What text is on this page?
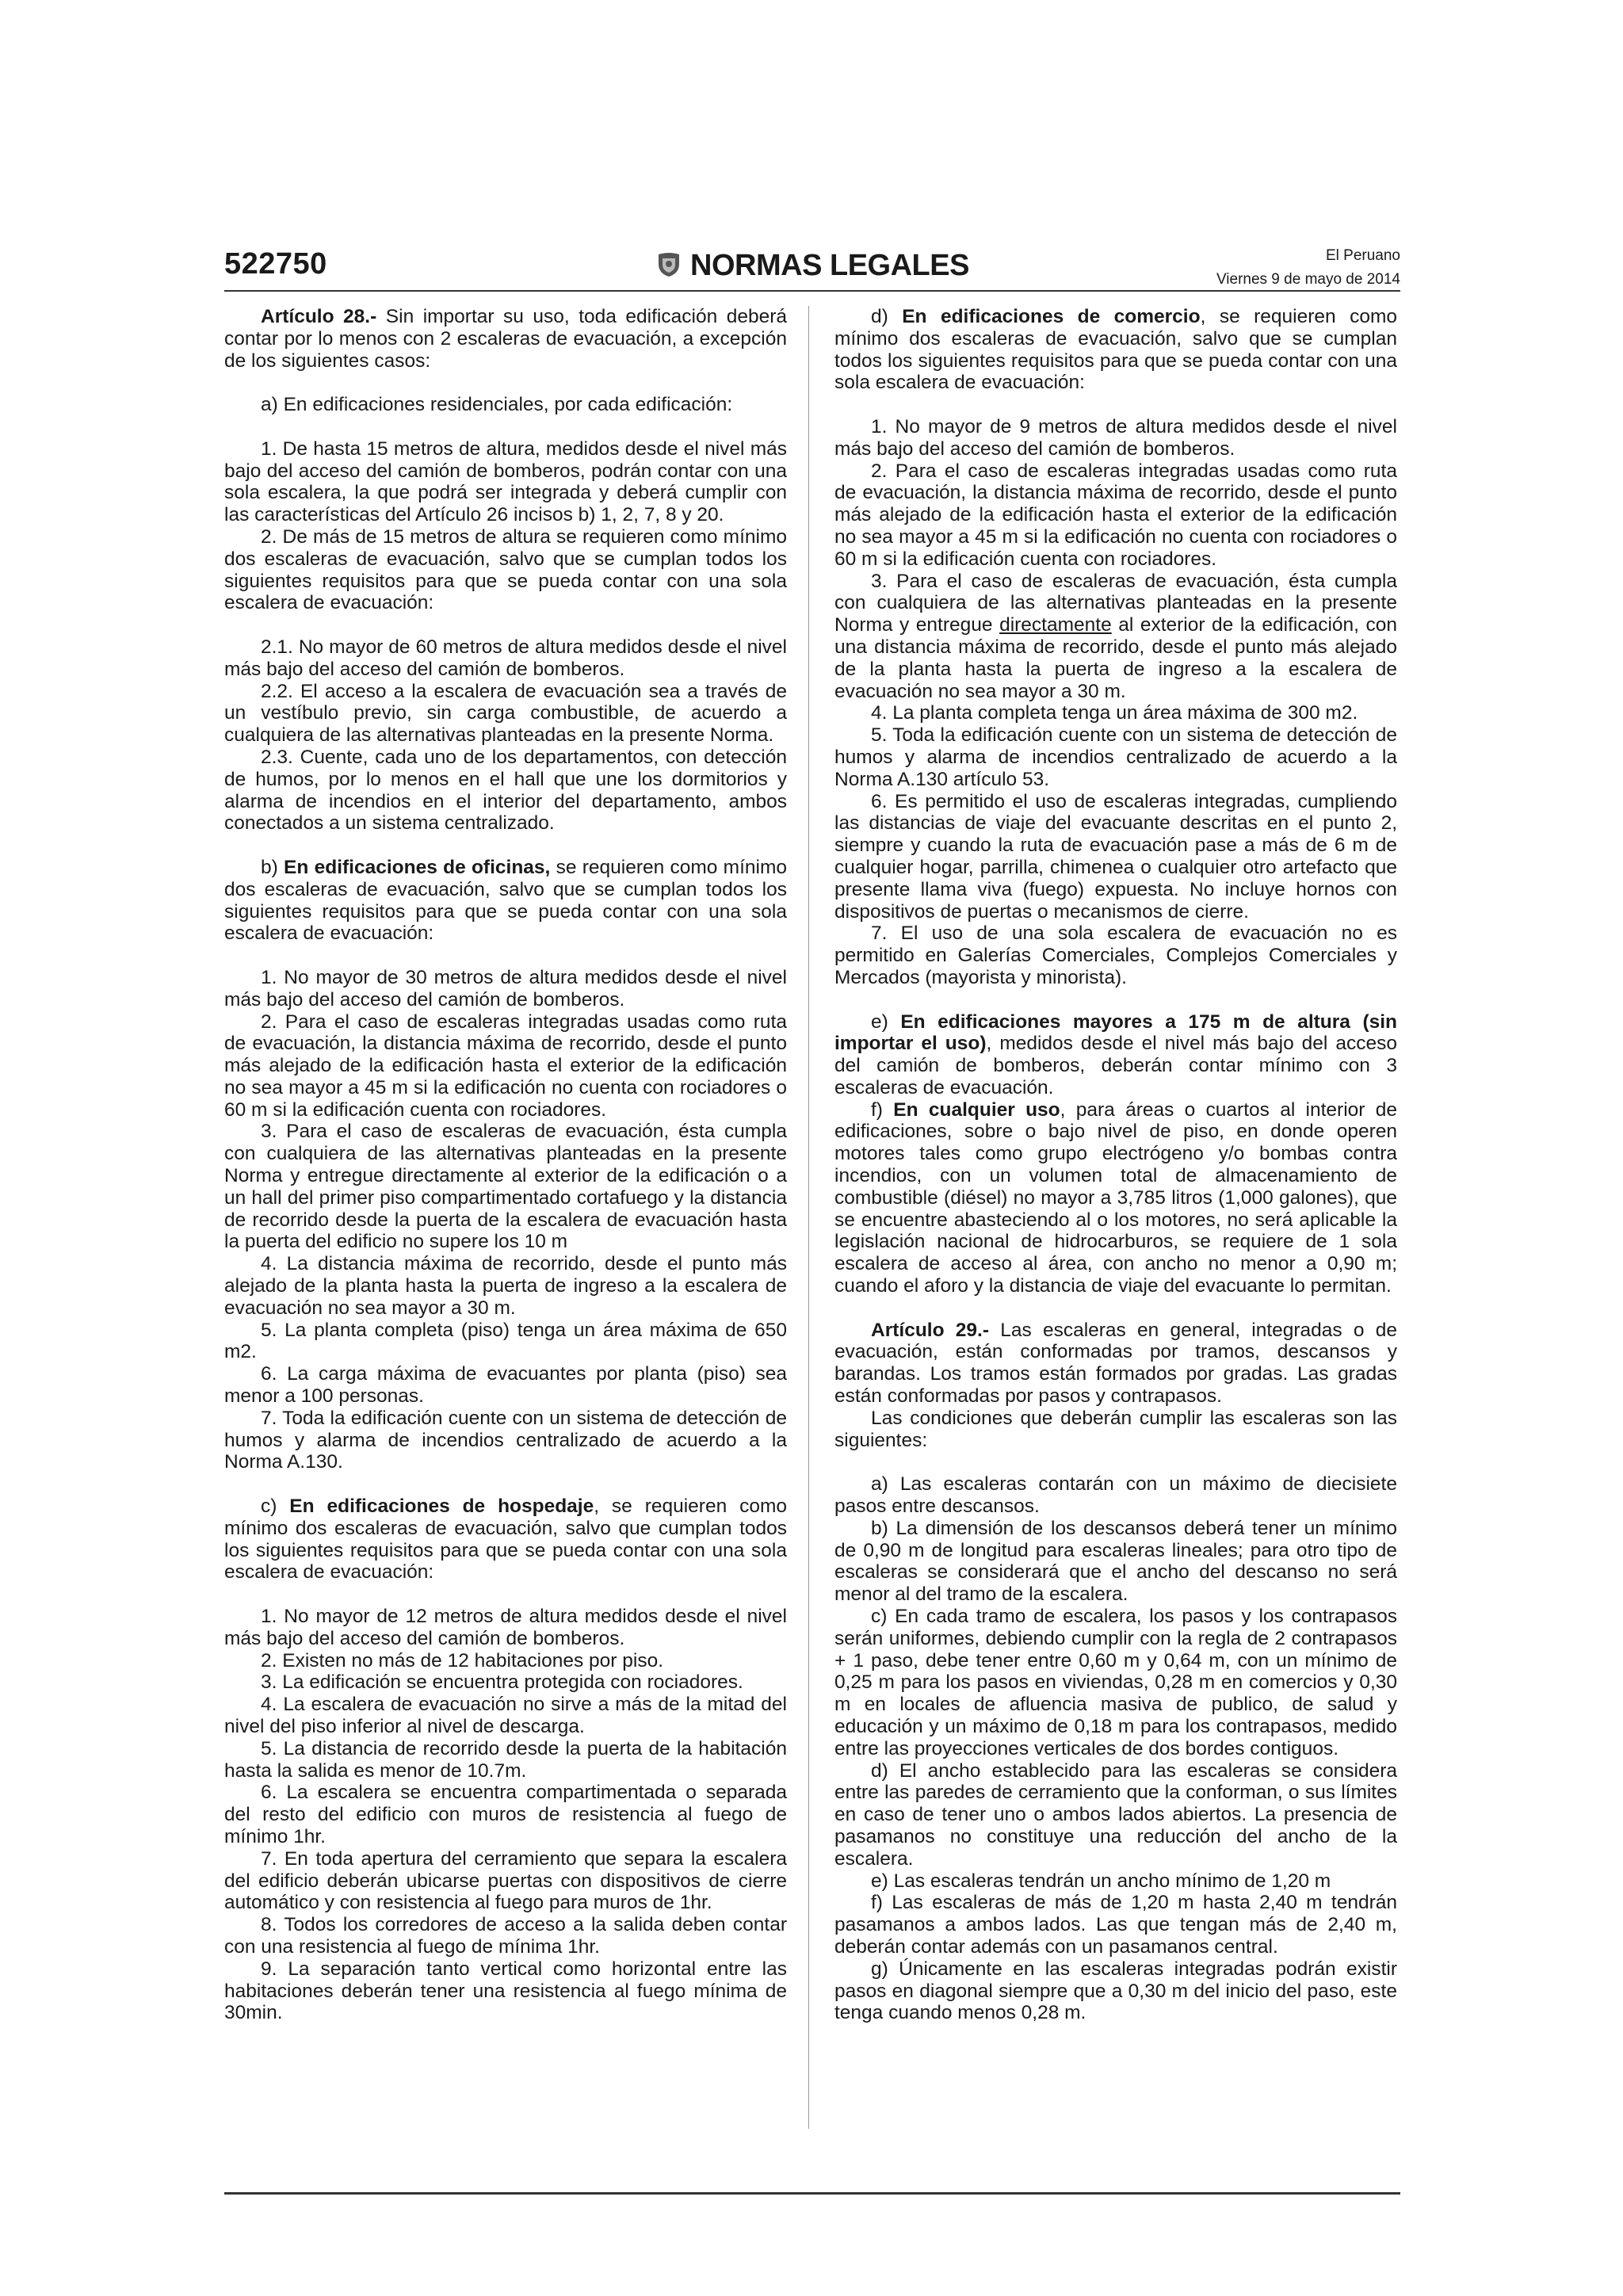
522750	NORMAS LEGALES	El Peruano
Viernes 9 de mayo de 2014

Artículo 28.- Sin importar su uso, toda edificación deberá contar por lo menos con 2 escaleras de evacuación, a excepción de los siguientes casos:

a) En edificaciones residenciales, por cada edificación:

1. De hasta 15 metros de altura, medidos desde el nivel más bajo del acceso del camión de bomberos, podrán contar con una sola escalera, la que podrá ser integrada y deberá cumplir con las características del Artículo 26 incisos b) 1, 2, 7, 8 y 20.

2. De más de 15 metros de altura se requieren como mínimo dos escaleras de evacuación, salvo que se cumplan todos los siguientes requisitos para que se pueda contar con una sola escalera de evacuación:

2.1. No mayor de 60 metros de altura medidos desde el nivel más bajo del acceso del camión de bomberos.

2.2. El acceso a la escalera de evacuación sea a través de un vestíbulo previo, sin carga combustible, de acuerdo a cualquiera de las alternativas planteadas en la presente Norma.

2.3. Cuente, cada uno de los departamentos, con detección de humos, por lo menos en el hall que une los dormitorios y alarma de incendios en el interior del departamento, ambos conectados a un sistema centralizado.

b) En edificaciones de oficinas, se requieren como mínimo dos escaleras de evacuación, salvo que se cumplan todos los siguientes requisitos para que se pueda contar con una sola escalera de evacuación:

1. No mayor de 30 metros de altura medidos desde el nivel más bajo del acceso del camión de bomberos.

2. Para el caso de escaleras integradas usadas como ruta de evacuación, la distancia máxima de recorrido, desde el punto más alejado de la edificación hasta el exterior de la edificación no sea mayor a 45 m si la edificación no cuenta con rociadores o 60 m si la edificación cuenta con rociadores.

3. Para el caso de escaleras de evacuación, ésta cumpla con cualquiera de las alternativas planteadas en la presente Norma y entregue directamente al exterior de la edificación o a un hall del primer piso compartimentado cortafuego y la distancia de recorrido desde la puerta de la escalera de evacuación hasta la puerta del edificio no supere los 10 m

4. La distancia máxima de recorrido, desde el punto más alejado de la planta hasta la puerta de ingreso a la escalera de evacuación no sea mayor a 30 m.

5. La planta completa (piso) tenga un área máxima de 650 m2.

6. La carga máxima de evacuantes por planta (piso) sea menor a 100 personas.

7. Toda la edificación cuente con un sistema de detección de humos y alarma de incendios centralizado de acuerdo a la Norma A.130.

c) En edificaciones de hospedaje, se requieren como mínimo dos escaleras de evacuación, salvo que cumplan todos los siguientes requisitos para que se pueda contar con una sola escalera de evacuación:

1. No mayor de 12 metros de altura medidos desde el nivel más bajo del acceso del camión de bomberos.

2. Existen no más de 12 habitaciones por piso.

3. La edificación se encuentra protegida con rociadores.

4. La escalera de evacuación no sirve a más de la mitad del nivel del piso inferior al nivel de descarga.

5. La distancia de recorrido desde la puerta de la habitación hasta la salida es menor de 10.7m.

6. La escalera se encuentra compartimentada o separada del resto del edificio con muros de resistencia al fuego de mínimo 1hr.

7. En toda apertura del cerramiento que separa la escalera del edificio deberán ubicarse puertas con dispositivos de cierre automático y con resistencia al fuego para muros de 1hr.

8. Todos los corredores de acceso a la salida deben contar con una resistencia al fuego de mínima 1hr.

9. La separación tanto vertical como horizontal entre las habitaciones deberán tener una resistencia al fuego mínima de 30min.

d) En edificaciones de comercio, se requieren como mínimo dos escaleras de evacuación, salvo que se cumplan todos los siguientes requisitos para que se pueda contar con una sola escalera de evacuación:

1. No mayor de 9 metros de altura medidos desde el nivel más bajo del acceso del camión de bomberos.

2. Para el caso de escaleras integradas usadas como ruta de evacuación, la distancia máxima de recorrido, desde el punto más alejado de la edificación hasta el exterior de la edificación no sea mayor a 45 m si la edificación no cuenta con rociadores o 60 m si la edificación cuenta con rociadores.

3. Para el caso de escaleras de evacuación, ésta cumpla con cualquiera de las alternativas planteadas en la presente Norma y entregue directamente al exterior de la edificación, con una distancia máxima de recorrido, desde el punto más alejado de la planta hasta la puerta de ingreso a la escalera de evacuación no sea mayor a 30 m.

4. La planta completa tenga un área máxima de 300 m2.

5. Toda la edificación cuente con un sistema de detección de humos y alarma de incendios centralizado de acuerdo a la Norma A.130 artículo 53.

6. Es permitido el uso de escaleras integradas, cumpliendo las distancias de viaje del evacuante descritas en el punto 2, siempre y cuando la ruta de evacuación pase a más de 6 m de cualquier hogar, parrilla, chimenea o cualquier otro artefacto que presente llama viva (fuego) expuesta. No incluye hornos con dispositivos de puertas o mecanismos de cierre.

7. El uso de una sola escalera de evacuación no es permitido en Galerías Comerciales, Complejos Comerciales y Mercados (mayorista y minorista).

e) En edificaciones mayores a 175 m de altura (sin importar el uso), medidos desde el nivel más bajo del acceso del camión de bomberos, deberán contar mínimo con 3 escaleras de evacuación.

f) En cualquier uso, para áreas o cuartos al interior de edificaciones, sobre o bajo nivel de piso, en donde operen motores tales como grupo electrógeno y/o bombas contra incendios, con un volumen total de almacenamiento de combustible (diésel) no mayor a 3,785 litros (1,000 galones), que se encuentre abasteciendo al o los motores, no será aplicable la legislación nacional de hidrocarburos, se requiere de 1 sola escalera de acceso al área, con ancho no menor a 0,90 m; cuando el aforo y la distancia de viaje del evacuante lo permitan.

Artículo 29.- Las escaleras en general, integradas o de evacuación, están conformadas por tramos, descansos y barandas. Los tramos están formados por gradas. Las gradas están conformadas por pasos y contrapasos.

Las condiciones que deberán cumplir las escaleras son las siguientes:

a) Las escaleras contarán con un máximo de diecisiete pasos entre descansos.

b) La dimensión de los descansos deberá tener un mínimo de 0,90 m de longitud para escaleras lineales; para otro tipo de escaleras se considerará que el ancho del descanso no será menor al del tramo de la escalera.

c) En cada tramo de escalera, los pasos y los contrapasos serán uniformes, debiendo cumplir con la regla de 2 contrapasos + 1 paso, debe tener entre 0,60 m y 0,64 m, con un mínimo de 0,25 m para los pasos en viviendas, 0,28 m en comercios y 0,30 m en locales de afluencia masiva de publico, de salud y educación y un máximo de 0,18 m para los contrapasos, medido entre las proyecciones verticales de dos bordes contiguos.

d) El ancho establecido para las escaleras se considera entre las paredes de cerramiento que la conforman, o sus límites en caso de tener uno o ambos lados abiertos. La presencia de pasamanos no constituye una reducción del ancho de la escalera.

e) Las escaleras tendrán un ancho mínimo de 1,20 m

f) Las escaleras de más de 1,20 m hasta 2,40 m tendrán pasamanos a ambos lados. Las que tengan más de 2,40 m, deberán contar además con un pasamanos central.

g) Únicamente en las escaleras integradas podrán existir pasos en diagonal siempre que a 0,30 m del inicio del paso, este tenga cuando menos 0,28 m.
